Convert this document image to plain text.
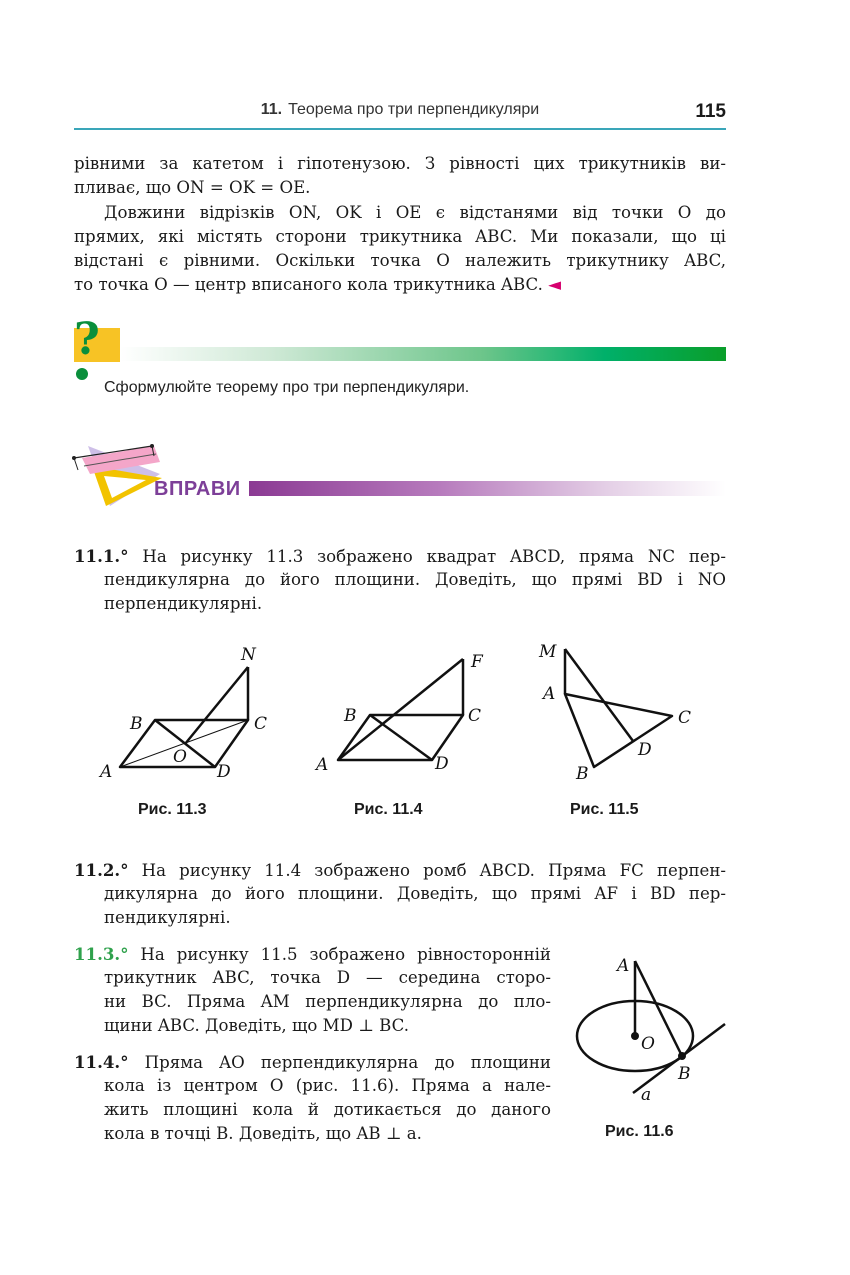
11. Теорема про три перпендикуляри	115
рівними за катетом і гіпотенузою. З рівності цих трикутників ви-
пливає, що ON = OK = OE.
Довжини відрізків ON, OK і OE є відстанями від точки O до
прямих, які містять сторони трикутника ABC. Ми показали, що ці
відстані є рівними. Оскільки точка O належить трикутнику ABC,
то точка O — центр вписаного кола трикутника ABC. ◄
?
Сформулюйте теорему про три перпендикуляри.
ВПРАВИ
11.1.° На рисунку 11.3 зображено квадрат ABCD, пряма NC пер-
пендикулярна до його площини. Доведіть, що прямі BD і NO
перпендикулярні.
N
B	C
O
A	D
Рис. 11.3
F
B	C
A	D
Рис. 11.4
M
A
C
D
B
Рис. 11.5
11.2.° На рисунку 11.4 зображено ромб ABCD. Пряма FC перпен-
дикулярна до його площини. Доведіть, що прямі AF і BD пер-
пендикулярні.
11.3.° На рисунку 11.5 зображено рівносторонній
трикутник ABC, точка D — середина сторо-
ни BC. Пряма AM перпендикулярна до пло-
щини ABC. Доведіть, що MD ⊥ BC.
11.4.° Пряма AO перпендикулярна до площини
кола із центром O (рис. 11.6). Пряма a нале-
жить площині кола й дотикається до даного
кола в точці B. Доведіть, що AB ⊥ a.
A
O
B
a
Рис. 11.6
